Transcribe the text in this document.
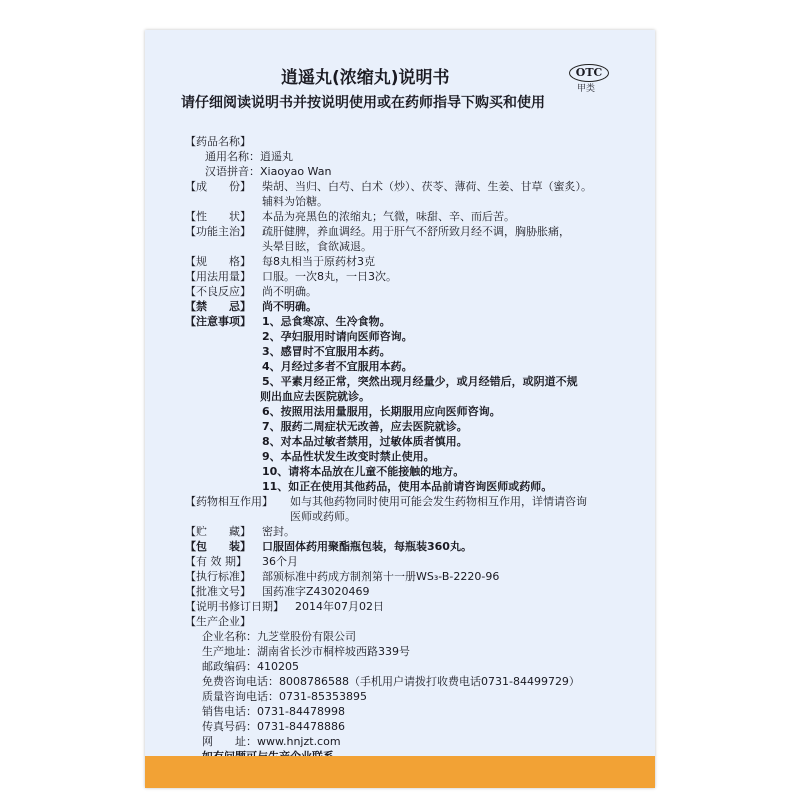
逍遥丸(浓缩丸)说明书	OTC
甲类
请仔细阅读说明书并按说明使用或在药师指导下购买和使用
【药品名称】
通用名称：逍遥丸
汉语拼音：Xiaoyao Wan
【成　　份】 柴胡、当归、白芍、白术（炒）、茯苓、薄荷、生姜、甘草（蜜炙）。
辅料为饴糖。
【性　　状】 本品为亮黑色的浓缩丸；气微，味甜、辛、而后苦。
【功能主治】 疏肝健脾，养血调经。用于肝气不舒所致月经不调，胸胁胀痛，
头晕目眩，食欲减退。
【规　　格】 每8丸相当于原药材3克
【用法用量】 口服。一次8丸，一日3次。
【不良反应】 尚不明确。
【禁　　忌】 尚不明确。
【注意事项】 1、忌食寒凉、生冷食物。
2、孕妇服用时请向医师咨询。
3、感冒时不宜服用本药。
4、月经过多者不宜服用本药。
5、平素月经正常，突然出现月经量少，或月经错后，或阴道不规
则出血应去医院就诊。
6、按照用法用量服用，长期服用应向医师咨询。
7、服药二周症状无改善，应去医院就诊。
8、对本品过敏者禁用，过敏体质者慎用。
9、本品性状发生改变时禁止使用。
10、请将本品放在儿童不能接触的地方。
11、如正在使用其他药品，使用本品前请咨询医师或药师。
【药物相互作用】 如与其他药物同时使用可能会发生药物相互作用，详情请咨询
医师或药师。
【贮　　藏】 密封。
【包　　装】 口服固体药用聚酯瓶包装，每瓶装360丸。
【有 效 期】 36个月
【执行标准】 部颁标准中药成方制剂第十一册WS₃-B-2220-96
【批准文号】 国药准字Z43020469
【说明书修订日期】 2014年07月02日
【生产企业】
企业名称：九芝堂股份有限公司
生产地址：湖南省长沙市桐梓坡西路339号
邮政编码：410205
免费咨询电话：8008786588（手机用户请拨打收费电话0731-84499729）
质量咨询电话：0731-85353895
销售电话：0731-84478998
传真号码：0731-84478886
网　　址：www.hnjzt.com
